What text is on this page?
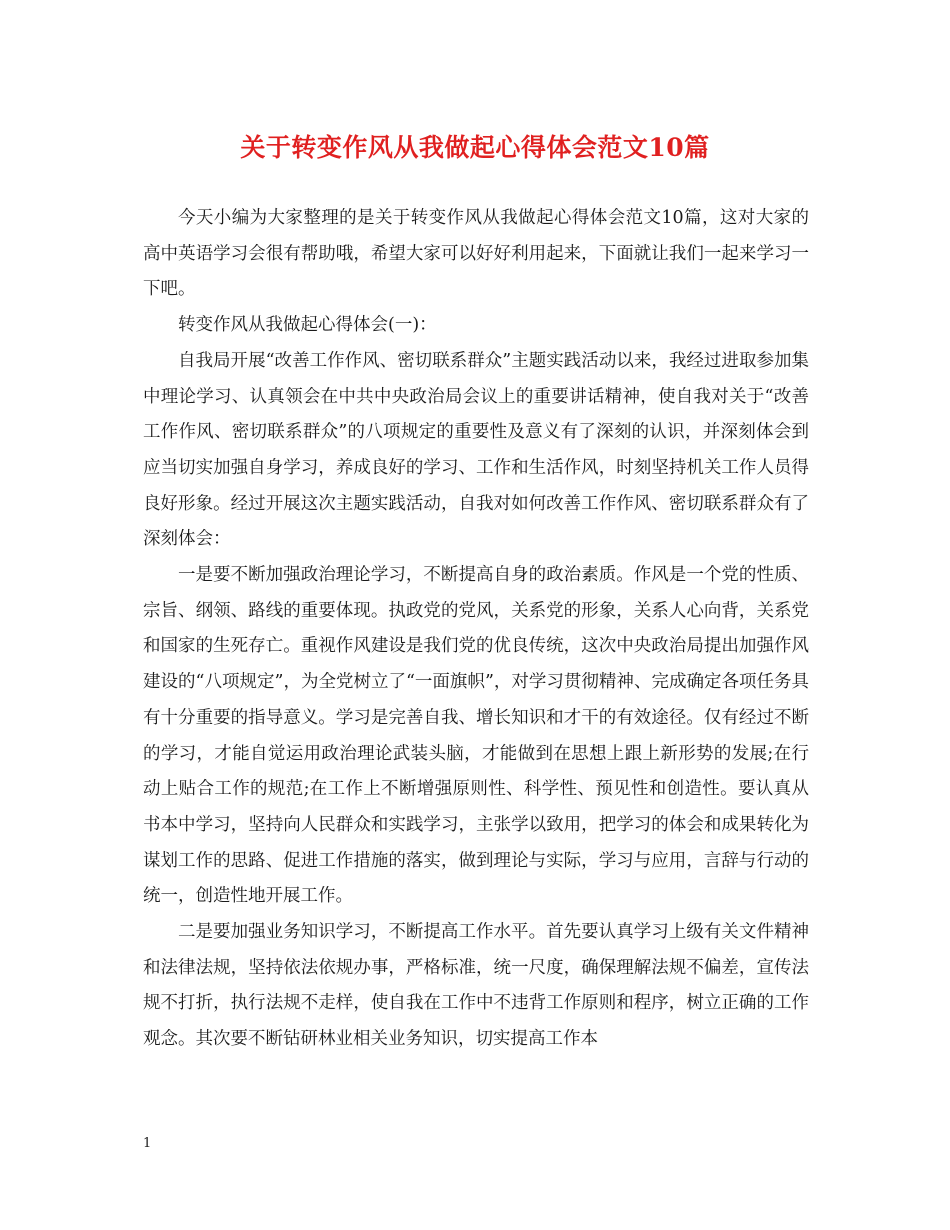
关于转变作风从我做起心得体会范文10篇

今天小编为大家整理的是关于转变作风从我做起心得体会范文10篇，这对大家的高中英语学习会很有帮助哦，希望大家可以好好利用起来，下面就让我们一起来学习一下吧。

转变作风从我做起心得体会(一)：

自我局开展“改善工作作风、密切联系群众”主题实践活动以来，我经过进取参加集中理论学习、认真领会在中共中央政治局会议上的重要讲话精神，使自我对关于“改善工作作风、密切联系群众”的八项规定的重要性及意义有了深刻的认识，并深刻体会到应当切实加强自身学习，养成良好的学习、工作和生活作风，时刻坚持机关工作人员得良好形象。经过开展这次主题实践活动，自我对如何改善工作作风、密切联系群众有了深刻体会：

一是要不断加强政治理论学习，不断提高自身的政治素质。作风是一个党的性质、宗旨、纲领、路线的重要体现。执政党的党风，关系党的形象，关系人心向背，关系党和国家的生死存亡。重视作风建设是我们党的优良传统，这次中央政治局提出加强作风建设的“八项规定”，为全党树立了“一面旗帜”，对学习贯彻精神、完成确定各项任务具有十分重要的指导意义。学习是完善自我、增长知识和才干的有效途径。仅有经过不断的学习，才能自觉运用政治理论武装头脑，才能做到在思想上跟上新形势的发展;在行动上贴合工作的规范;在工作上不断增强原则性、科学性、预见性和创造性。要认真从书本中学习，坚持向人民群众和实践学习，主张学以致用，把学习的体会和成果转化为谋划工作的思路、促进工作措施的落实，做到理论与实际，学习与应用，言辞与行动的统一，创造性地开展工作。

二是要加强业务知识学习，不断提高工作水平。首先要认真学习上级有关文件精神和法律法规，坚持依法依规办事，严格标准，统一尺度，确保理解法规不偏差，宣传法规不打折，执行法规不走样，使自我在工作中不违背工作原则和程序，树立正确的工作观念。其次要不断钻研林业相关业务知识，切实提高工作本

1
